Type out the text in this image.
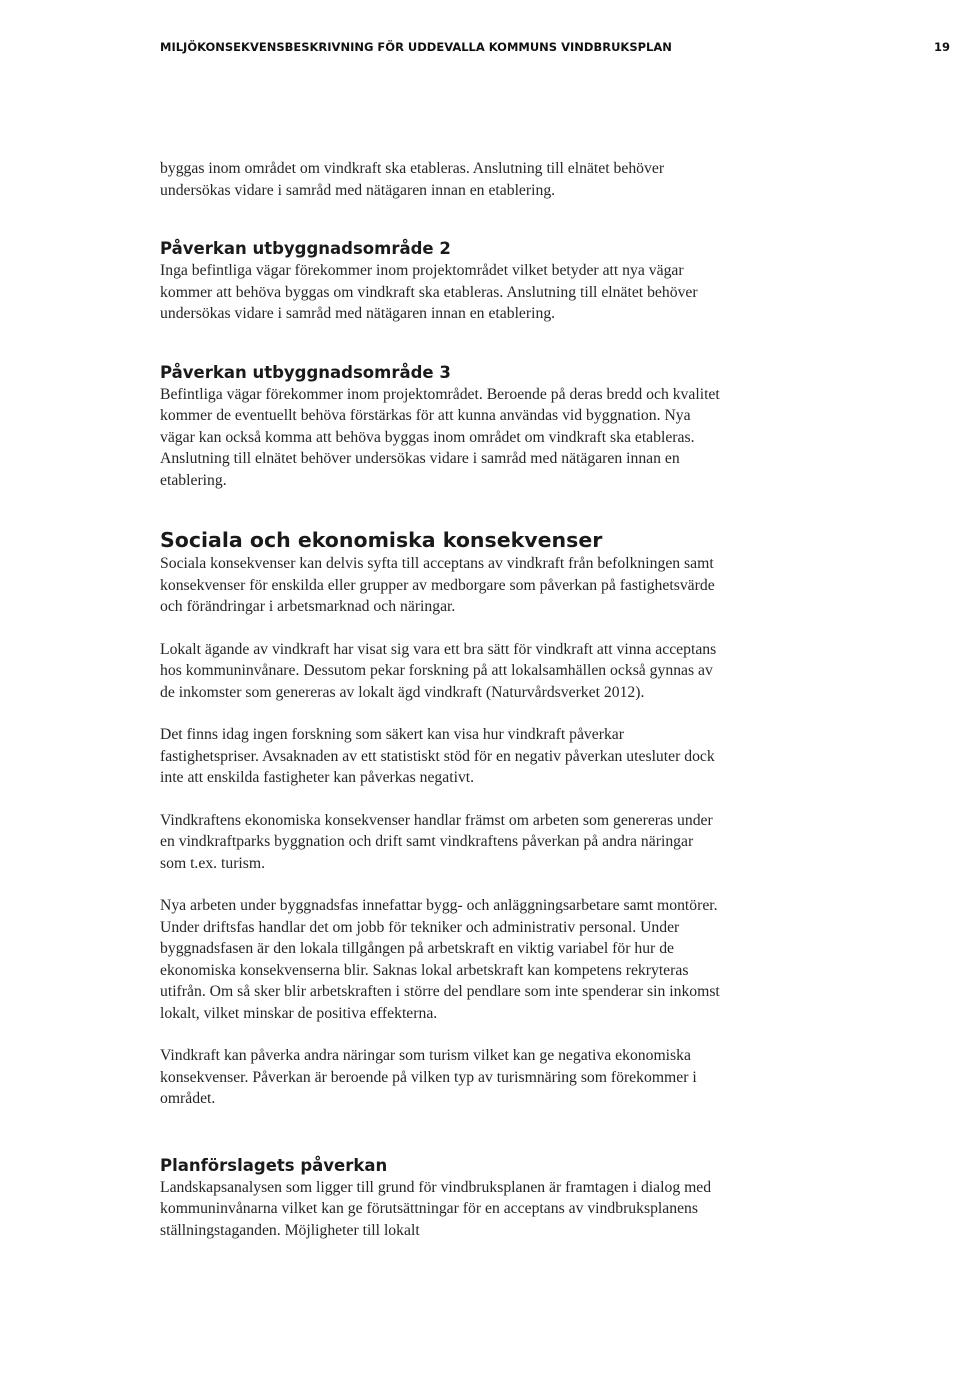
MILJÖKONSEKVENSBESKRIVNING FÖR UDDEVALLA KOMMUNS VINDBRUKSPLAN	19

byggas inom området om vindkraft ska etableras. Anslutning till elnätet behöver undersökas vidare i samråd med nätägaren innan en etablering.

Påverkan utbyggnadsområde 2

Inga befintliga vägar förekommer inom projektområdet vilket betyder att nya vägar kommer att behöva byggas om vindkraft ska etableras. Anslutning till elnätet behöver undersökas vidare i samråd med nätägaren innan en etablering.

Påverkan utbyggnadsområde 3

Befintliga vägar förekommer inom projektområdet. Beroende på deras bredd och kvalitet kommer de eventuellt behöva förstärkas för att kunna användas vid byggnation. Nya vägar kan också komma att behöva byggas inom området om vindkraft ska etableras. Anslutning till elnätet behöver undersökas vidare i samråd med nätägaren innan en etablering.

Sociala och ekonomiska konsekvenser

Sociala konsekvenser kan delvis syfta till acceptans av vindkraft från befolkningen samt konsekvenser för enskilda eller grupper av medborgare som påverkan på fastighetsvärde och förändringar i arbetsmarknad och näringar.

Lokalt ägande av vindkraft har visat sig vara ett bra sätt för vindkraft att vinna acceptans hos kommuninvånare. Dessutom pekar forskning på att lokalsamhällen också gynnas av de inkomster som genereras av lokalt ägd vindkraft (Naturvårdsverket 2012).

Det finns idag ingen forskning som säkert kan visa hur vindkraft påverkar fastighetspriser. Avsaknaden av ett statistiskt stöd för en negativ påverkan utesluter dock inte att enskilda fastigheter kan påverkas negativt.

Vindkraftens ekonomiska konsekvenser handlar främst om arbeten som genereras under en vindkraftparks byggnation och drift samt vindkraftens påverkan på andra näringar som t.ex. turism.

Nya arbeten under byggnadsfas innefattar bygg- och anläggningsarbetare samt montörer. Under driftsfas handlar det om jobb för tekniker och administrativ personal. Under byggnadsfasen är den lokala tillgången på arbetskraft en viktig variabel för hur de ekonomiska konsekvenserna blir. Saknas lokal arbetskraft kan kompetens rekryteras utifrån. Om så sker blir arbetskraften i större del pendlare som inte spenderar sin inkomst lokalt, vilket minskar de positiva effekterna.

Vindkraft kan påverka andra näringar som turism vilket kan ge negativa ekonomiska konsekvenser. Påverkan är beroende på vilken typ av turismnäring som förekommer i området.

Planförslagets påverkan

Landskapsanalysen som ligger till grund för vindbruksplanen är framtagen i dialog med kommuninvånarna vilket kan ge förutsättningar för en acceptans av vindbruksplanens ställningstaganden. Möjligheter till lokalt
